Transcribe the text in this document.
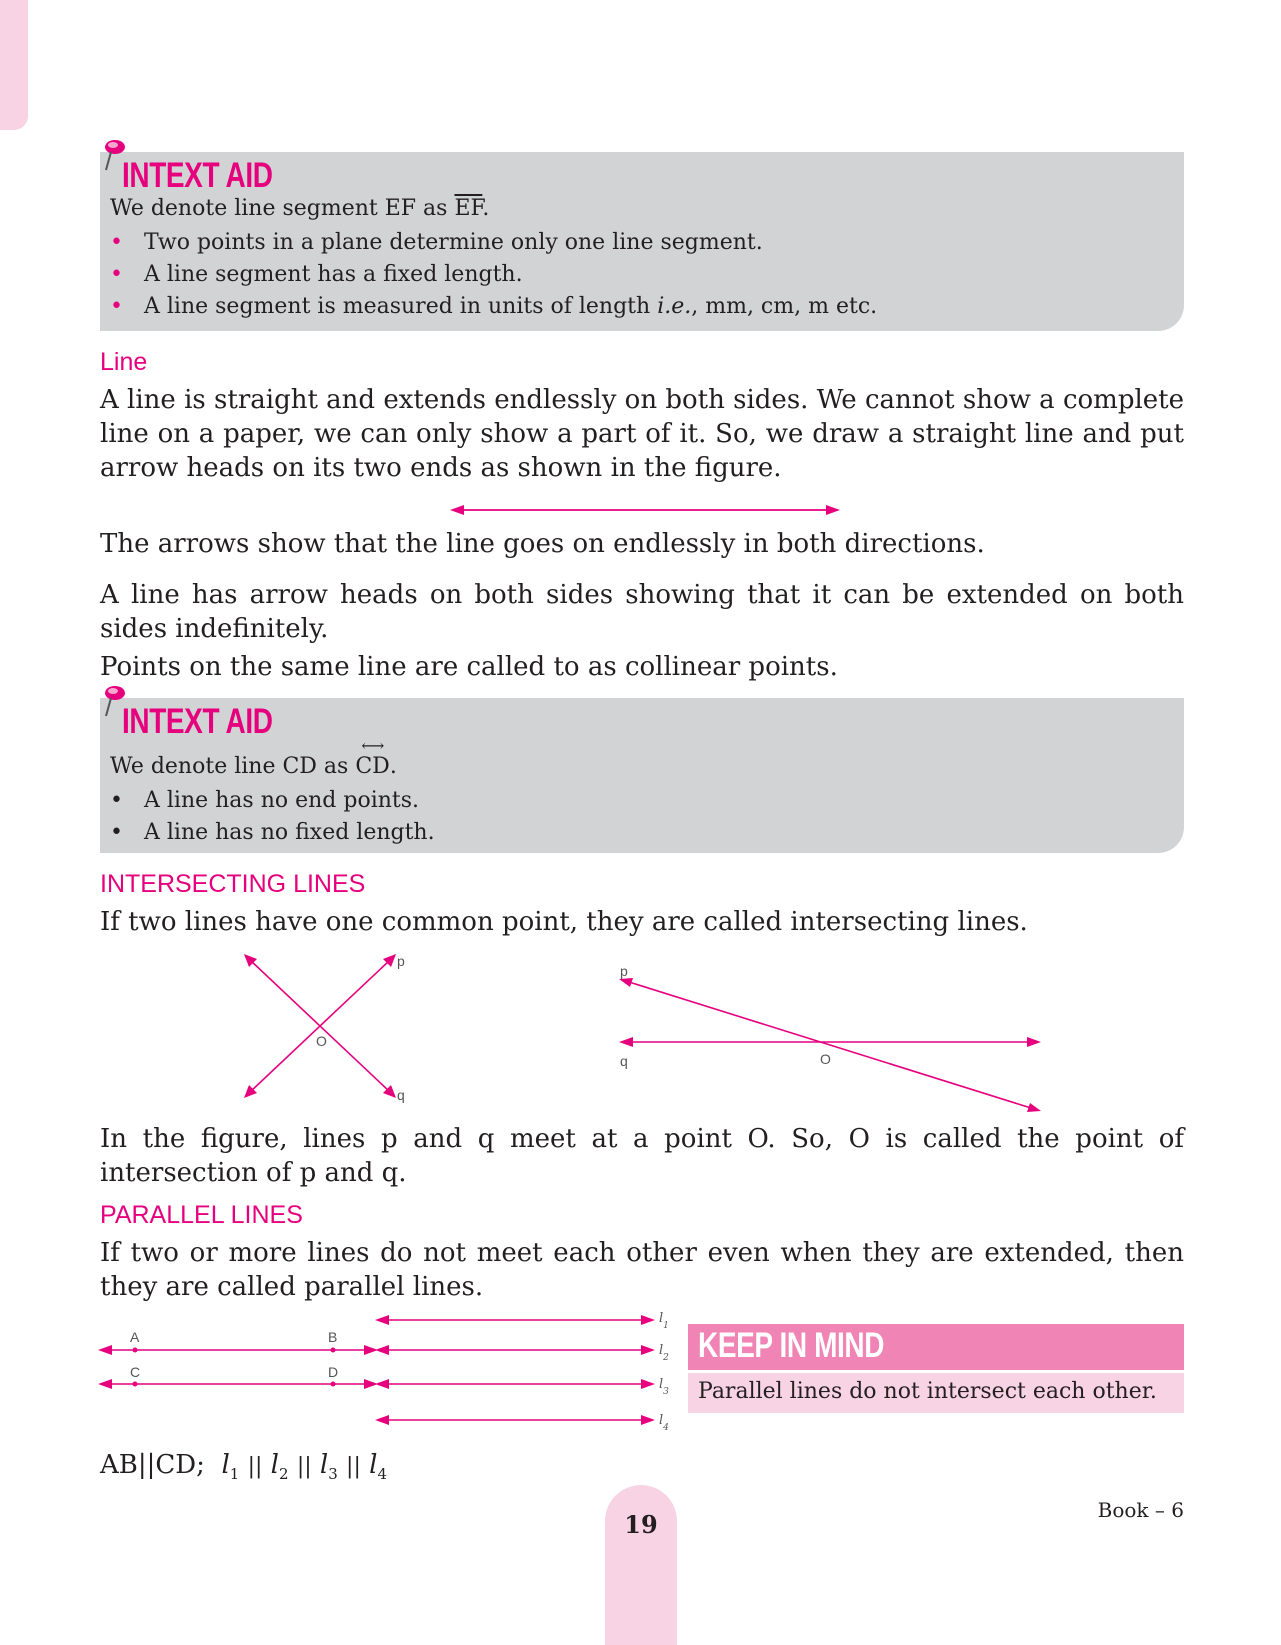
INTEXT AID
We denote line segment EF as $\overline{EF}$.
• Two points in a plane determine only one line segment.
• A line segment has a fixed length.
• A line segment is measured in units of length i.e., mm, cm, m etc.
Line
A line is straight and extends endlessly on both sides. We cannot show a complete line on a paper, we can only show a part of it. So, we draw a straight line and put arrow heads on its two ends as shown in the figure.
The arrows show that the line goes on endlessly in both directions.
A line has arrow heads on both sides showing that it can be extended on both sides indefinitely.
Points on the same line are called to as collinear points.
INTEXT AID
We denote line CD as
⟷
CD.
• A line has no end points.
• A line has no fixed length.
INTERSECTING LINES
If two lines have one common point, they are called intersecting lines.
p
q
O
p
q	O
In the figure, lines p and q meet at a point O. So, O is called the point of intersection of p and q.
PARALLEL LINES
If two or more lines do not meet each other even when they are extended, then they are called parallel lines.
A	B
C	D
$l_1$
$l_2$
$l_3$
$l_4$
AB||CD; $l_1$ || $l_2$ || $l_3$ || $l_4$
KEEP IN MIND
Parallel lines do not intersect each other.
19	Book – 6
